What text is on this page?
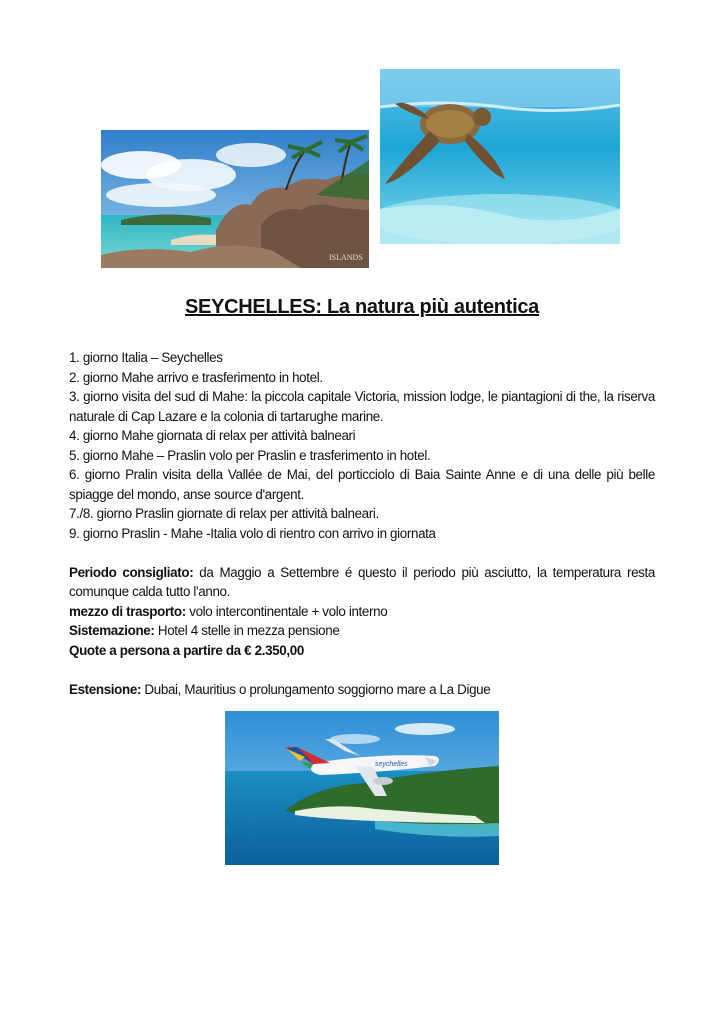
ISLANDS
SEYCHELLES: La natura più autentica

1. giorno Italia – Seychelles

2. giorno Mahe arrivo e trasferimento in hotel.

3. giorno visita del sud di Mahe: la piccola capitale Victoria, mission lodge, le piantagioni di the, la riserva naturale di Cap Lazare e la colonia di tartarughe marine.

4. giorno Mahe giornata di relax per attività balneari

5. giorno Mahe – Praslin volo per Praslin e trasferimento in hotel.

6. giorno Pralin visita della Vallée de Mai, del porticciolo di Baia Sainte Anne e di una delle più belle spiagge del mondo, anse source d'argent.

7./8. giorno Praslin giornate di relax per attività balneari.

9. giorno Praslin - Mahe -Italia volo di rientro con arrivo in giornata

Periodo consigliato: da Maggio a Settembre é questo il periodo più asciutto, la temperatura resta comunque calda tutto l'anno.

mezzo di trasporto: volo intercontinentale + volo interno

Sistemazione: Hotel 4 stelle in mezza pensione

Quote a persona a partire da € 2.350,00

Estensione: Dubai, Mauritius o prolungamento soggiorno mare a La Digue

seychelles
